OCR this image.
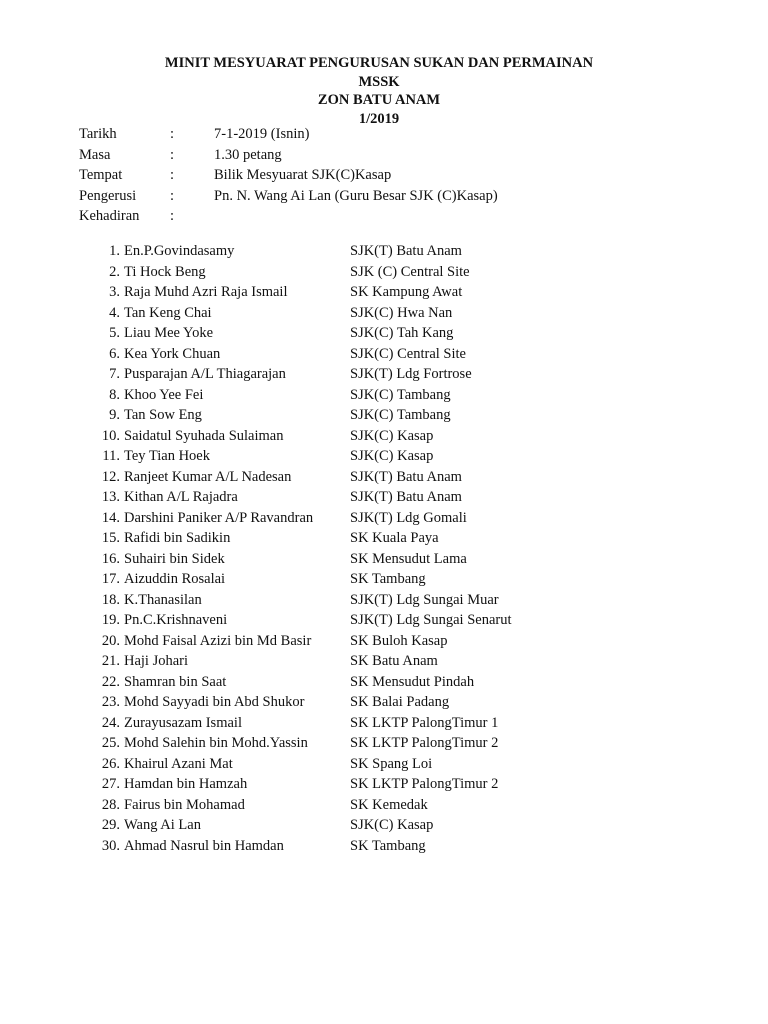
MINIT MESYUARAT PENGURUSAN SUKAN DAN PERMAINAN
MSSK
ZON BATU ANAM
1/2019
Tarikh	:	7-1-2019 (Isnin)
Masa	:	1.30 petang
Tempat	:	Bilik Mesyuarat SJK(C)Kasap
Pengerusi :	Pn. N. Wang Ai Lan (Guru Besar SJK (C)Kasap)
Kehadiran :
1. En.P.Govindasamy	SJK(T) Batu Anam
2. Ti Hock Beng	SJK (C) Central Site
3. Raja Muhd Azri Raja Ismail	SK Kampung Awat
4. Tan Keng Chai	SJK(C) Hwa Nan
5. Liau Mee Yoke	SJK(C) Tah Kang
6. Kea York Chuan	SJK(C) Central Site
7. Pusparajan A/L Thiagarajan	SJK(T) Ldg Fortrose
8. Khoo Yee Fei	SJK(C) Tambang
9. Tan Sow Eng	SJK(C) Tambang
10. Saidatul Syuhada Sulaiman	SJK(C) Kasap
11. Tey Tian Hoek	SJK(C) Kasap
12. Ranjeet Kumar A/L Nadesan	SJK(T) Batu Anam
13. Kithan A/L Rajadra	SJK(T) Batu Anam
14. Darshini Paniker A/P Ravandran	SJK(T) Ldg Gomali
15. Rafidi bin Sadikin	SK Kuala Paya
16. Suhairi bin Sidek	SK Mensudut Lama
17. Aizuddin Rosalai	SK Tambang
18. K.Thanasilan	SJK(T) Ldg Sungai Muar
19. Pn.C.Krishnaveni	SJK(T) Ldg Sungai Senarut
20. Mohd Faisal Azizi bin Md Basir	SK Buloh Kasap
21. Haji Johari	SK Batu Anam
22. Shamran bin Saat	SK Mensudut Pindah
23. Mohd Sayyadi bin Abd Shukor	SK Balai Padang
24. Zurayusazam Ismail	SK LKTP PalongTimur 1
25. Mohd Salehin bin Mohd.Yassin	SK LKTP PalongTimur 2
26. Khairul Azani Mat	SK Spang Loi
27. Hamdan bin Hamzah	SK LKTP PalongTimur 2
28. Fairus bin Mohamad	SK Kemedak
29. Wang Ai Lan	SJK(C) Kasap
30. Ahmad Nasrul bin Hamdan	SK Tambang
